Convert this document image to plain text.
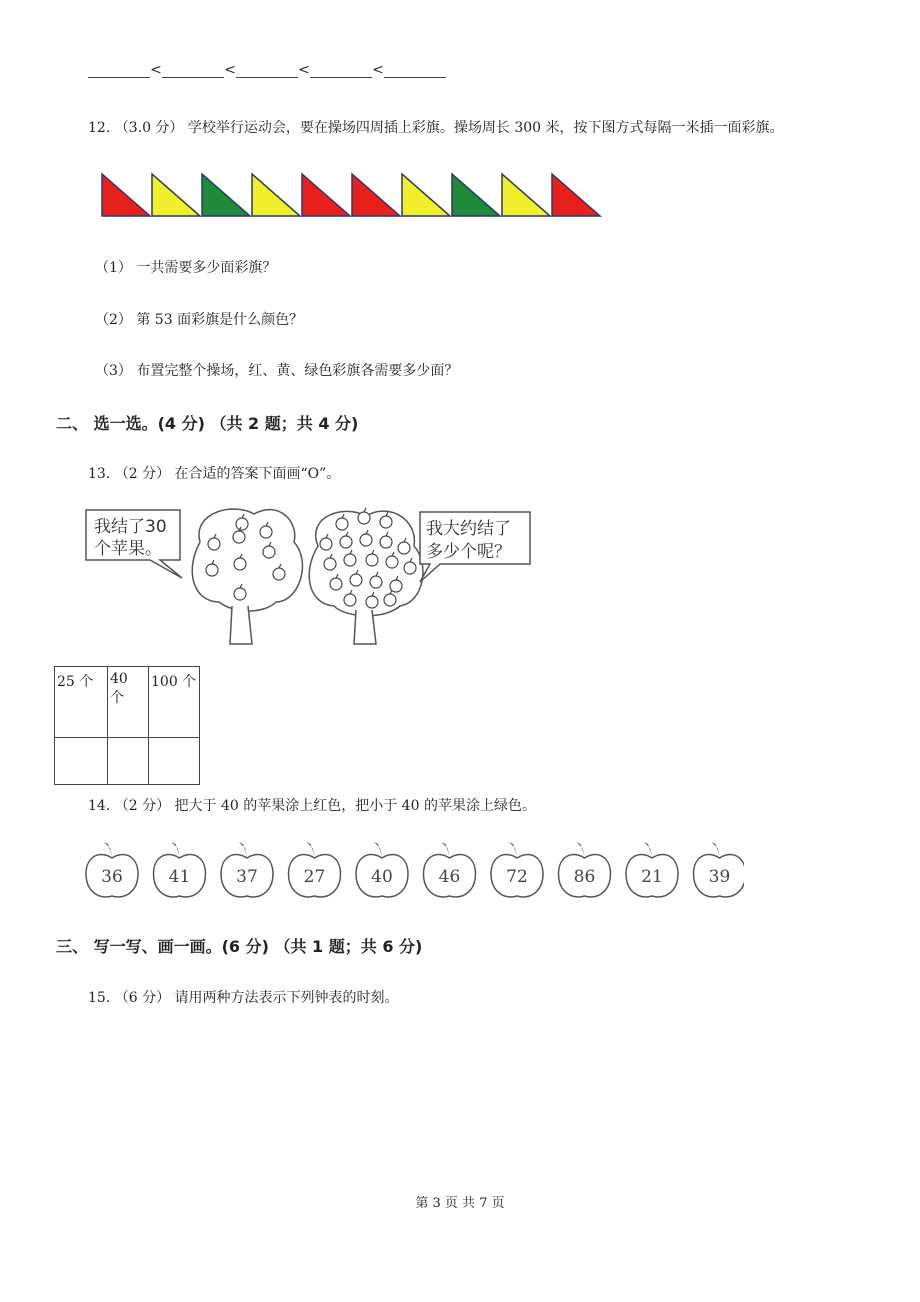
<	<	<	<
12. （3.0 分） 学校举行运动会，要在操场四周插上彩旗。操场周长 300 米，按下图方式每隔一米插一面彩旗。
（1） 一共需要多少面彩旗？
（2） 第 53 面彩旗是什么颜色？
（3） 布置完整个操场，红、黄、绿色彩旗各需要多少面？
二、 选一选。(4 分) （共 2 题；共 4 分)
13. （2 分） 在合适的答案下面画“O”。
我结了30
个苹果。
我大约结了
多少个呢？
25 个	40 个	100 个

14. （2 分） 把大于 40 的苹果涂上红色，把小于 40 的苹果涂上绿色。
36	41	37	27	40	46	72	86	21	39
三、 写一写、画一画。(6 分) （共 1 题；共 6 分)
15. （6 分） 请用两种方法表示下列钟表的时刻。
第 3 页 共 7 页
